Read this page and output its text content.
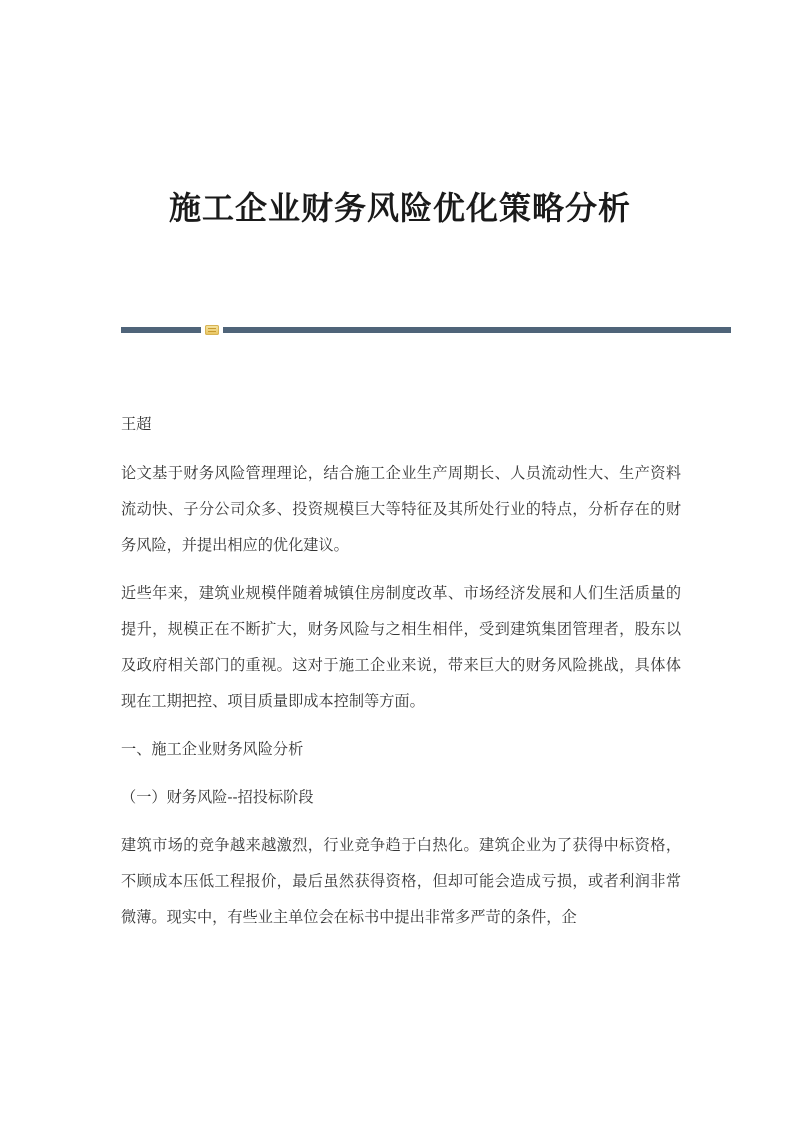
施工企业财务风险优化策略分析

王超

论文基于财务风险管理理论，结合施工企业生产周期长、人员流动性大、生产资料流动快、子分公司众多、投资规模巨大等特征及其所处行业的特点，分析存在的财务风险，并提出相应的优化建议。

近些年来，建筑业规模伴随着城镇住房制度改革、市场经济发展和人们生活质量的提升，规模正在不断扩大，财务风险与之相生相伴，受到建筑集团管理者，股东以及政府相关部门的重视。这对于施工企业来说，带来巨大的财务风险挑战，具体体现在工期把控、项目质量即成本控制等方面。

一、施工企业财务风险分析

（一）财务风险--招投标阶段

建筑市场的竞争越来越激烈，行业竞争趋于白热化。建筑企业为了获得中标资格，不顾成本压低工程报价，最后虽然获得资格，但却可能会造成亏损，或者利润非常微薄。现实中，有些业主单位会在标书中提出非常多严苛的条件，企
